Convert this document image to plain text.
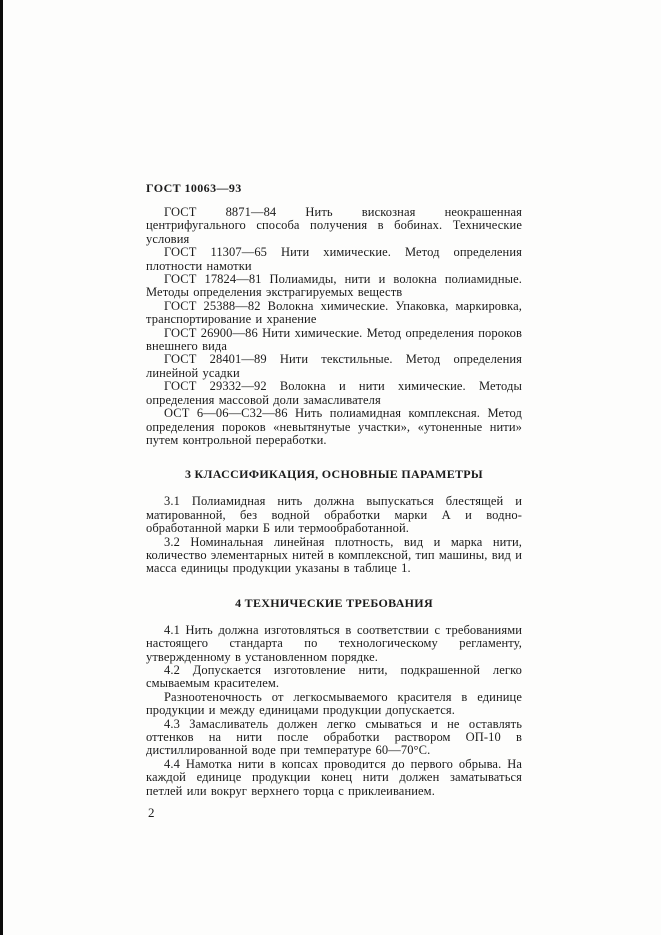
ГОСТ 10063—93

ГОСТ 8871—84 Нить вискозная неокрашенная центрифугального способа получения в бобинах. Технические условия

ГОСТ 11307—65 Нити химические. Метод определения плотности намотки

ГОСТ 17824—81 Полиамиды, нити и волокна полиамидные. Методы определения экстрагируемых веществ

ГОСТ 25388—82 Волокна химические. Упаковка, маркировка, транспортирование и хранение

ГОСТ 26900—86 Нити химические. Метод определения пороков внешнего вида

ГОСТ 28401—89 Нити текстильные. Метод определения линейной усадки

ГОСТ 29332—92 Волокна и нити химические. Методы определения массовой доли замасливателя

ОСТ 6—06—С32—86 Нить полиамидная комплексная. Метод определения пороков «невытянутые участки», «утоненные нити» путем контрольной переработки.

3 КЛАССИФИКАЦИЯ, ОСНОВНЫЕ ПАРАМЕТРЫ

3.1 Полиамидная нить должна выпускаться блестящей и матированной, без водной обработки марки А и водно-обработанной марки Б или термообработанной.

3.2 Номинальная линейная плотность, вид и марка нити, количество элементарных нитей в комплексной, тип машины, вид и масса единицы продукции указаны в таблице 1.

4 ТЕХНИЧЕСКИЕ ТРЕБОВАНИЯ

4.1 Нить должна изготовляться в соответствии с требованиями настоящего стандарта по технологическому регламенту, утвержденному в установленном порядке.

4.2 Допускается изготовление нити, подкрашенной легко смываемым красителем.

Разноотеночность от легкосмываемого красителя в единице продукции и между единицами продукции допускается.

4.3 Замасливатель должен легко смываться и не оставлять оттенков на нити после обработки раствором ОП-10 в дистиллированной воде при температуре 60—70°С.

4.4 Намотка нити в копсах проводится до первого обрыва. На каждой единице продукции конец нити должен заматываться петлей или вокруг верхнего торца с приклеиванием.

2
